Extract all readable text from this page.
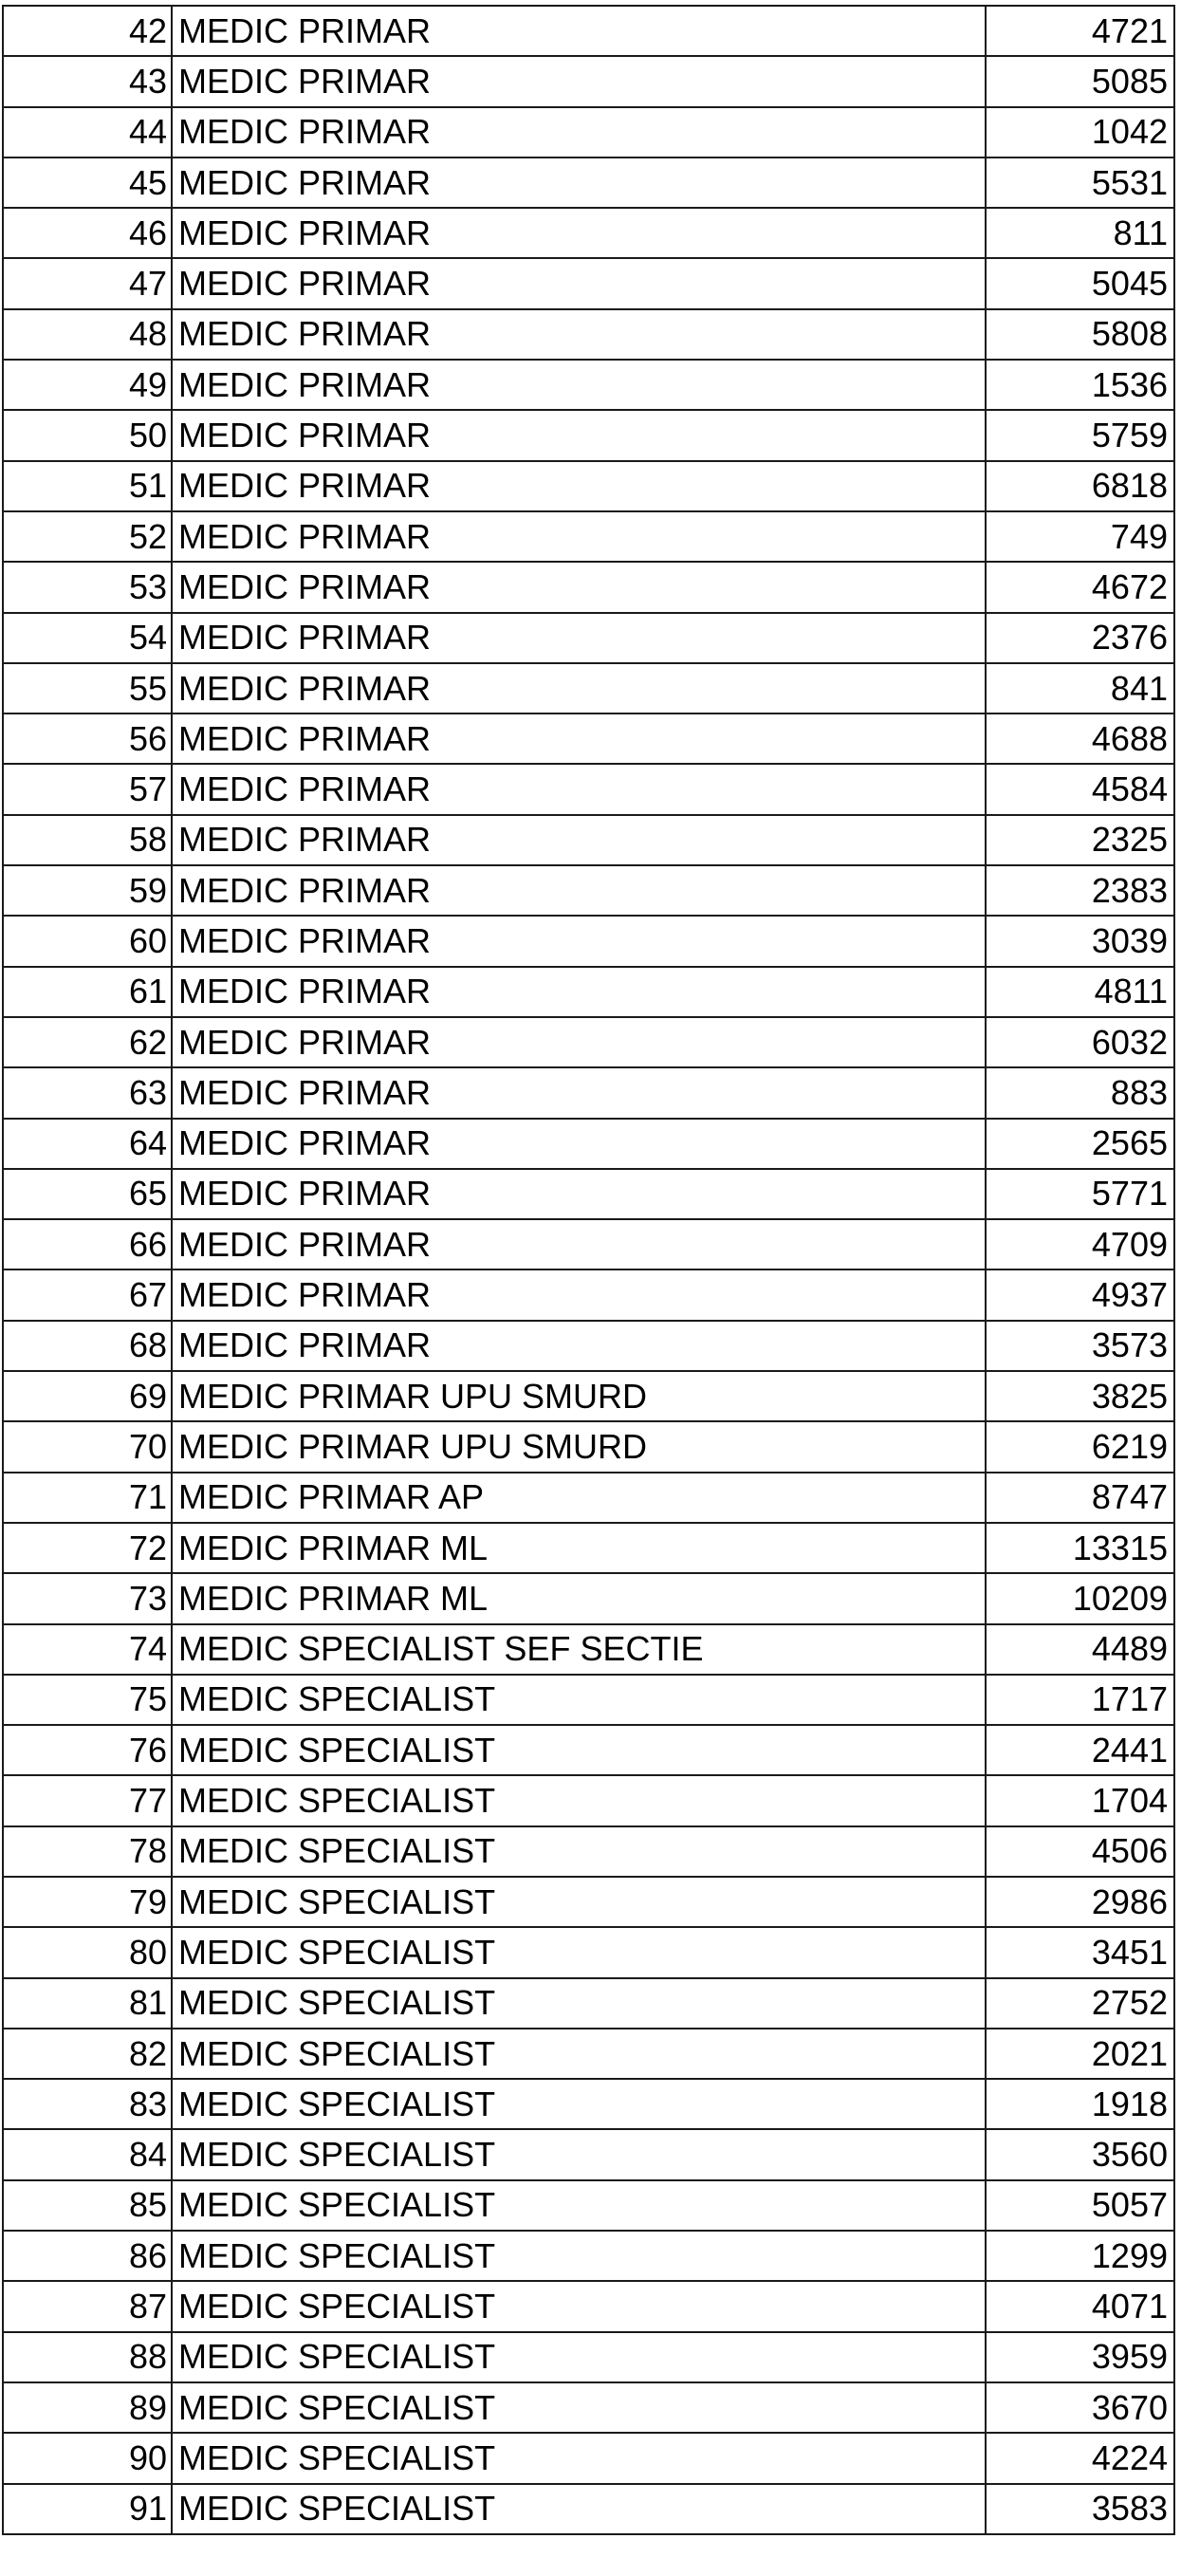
42	MEDIC PRIMAR	4721
43	MEDIC PRIMAR	5085
44	MEDIC PRIMAR	1042
45	MEDIC PRIMAR	5531
46	MEDIC PRIMAR	811
47	MEDIC PRIMAR	5045
48	MEDIC PRIMAR	5808
49	MEDIC PRIMAR	1536
50	MEDIC PRIMAR	5759
51	MEDIC PRIMAR	6818
52	MEDIC PRIMAR	749
53	MEDIC PRIMAR	4672
54	MEDIC PRIMAR	2376
55	MEDIC PRIMAR	841
56	MEDIC PRIMAR	4688
57	MEDIC PRIMAR	4584
58	MEDIC PRIMAR	2325
59	MEDIC PRIMAR	2383
60	MEDIC PRIMAR	3039
61	MEDIC PRIMAR	4811
62	MEDIC PRIMAR	6032
63	MEDIC PRIMAR	883
64	MEDIC PRIMAR	2565
65	MEDIC PRIMAR	5771
66	MEDIC PRIMAR	4709
67	MEDIC PRIMAR	4937
68	MEDIC PRIMAR	3573
69	MEDIC PRIMAR UPU SMURD	3825
70	MEDIC PRIMAR UPU SMURD	6219
71	MEDIC PRIMAR AP	8747
72	MEDIC PRIMAR ML	13315
73	MEDIC PRIMAR ML	10209
74	MEDIC SPECIALIST SEF SECTIE	4489
75	MEDIC SPECIALIST	1717
76	MEDIC SPECIALIST	2441
77	MEDIC SPECIALIST	1704
78	MEDIC SPECIALIST	4506
79	MEDIC SPECIALIST	2986
80	MEDIC SPECIALIST	3451
81	MEDIC SPECIALIST	2752
82	MEDIC SPECIALIST	2021
83	MEDIC SPECIALIST	1918
84	MEDIC SPECIALIST	3560
85	MEDIC SPECIALIST	5057
86	MEDIC SPECIALIST	1299
87	MEDIC SPECIALIST	4071
88	MEDIC SPECIALIST	3959
89	MEDIC SPECIALIST	3670
90	MEDIC SPECIALIST	4224
91	MEDIC SPECIALIST	3583
